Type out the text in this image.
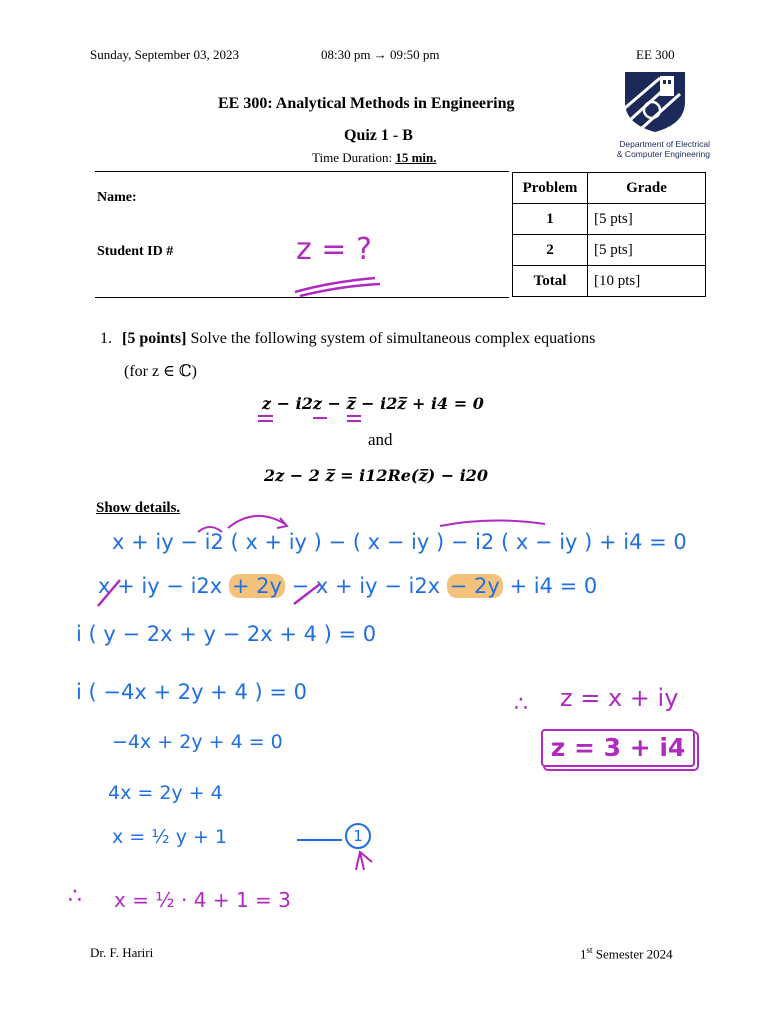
Sunday, September 03, 2023	08:30 pm → 09:50 pm	EE 300
EE 300: Analytical Methods in Engineering
Quiz 1 - B
Time Duration: 15 min.
Department of Electrical
& Computer Engineering
Name:
Student ID #	z = ?
Problem	Grade
1	[5 pts]
2	[5 pts]
Total	[10 pts]
1. [5 points] Solve the following system of simultaneous complex equations
(for z ∈ ℂ)
z − i2z − z̅ − i2z̅ + i4 = 0
and
2z − 2 z̅ = i12Re(z̅) − i20
Show details.
x + iy − i2 ( x + iy ) − ( x − iy ) − i2 ( x − iy ) + i4 = 0
x + iy − i2x + 2y − x + iy − i2x − 2y + i4 = 0
i ( y − 2x + y − 2x + 4 ) = 0
i ( −4x + 2y + 4 ) = 0
−4x + 2y + 4 = 0
4x = 2y + 4
x = ½ y + 1	1
∴ x = ½ · 4 + 1 = 3
∴ z = x + iy
z = 3 + i4
Dr. F. Hariri	1st Semester 2024
